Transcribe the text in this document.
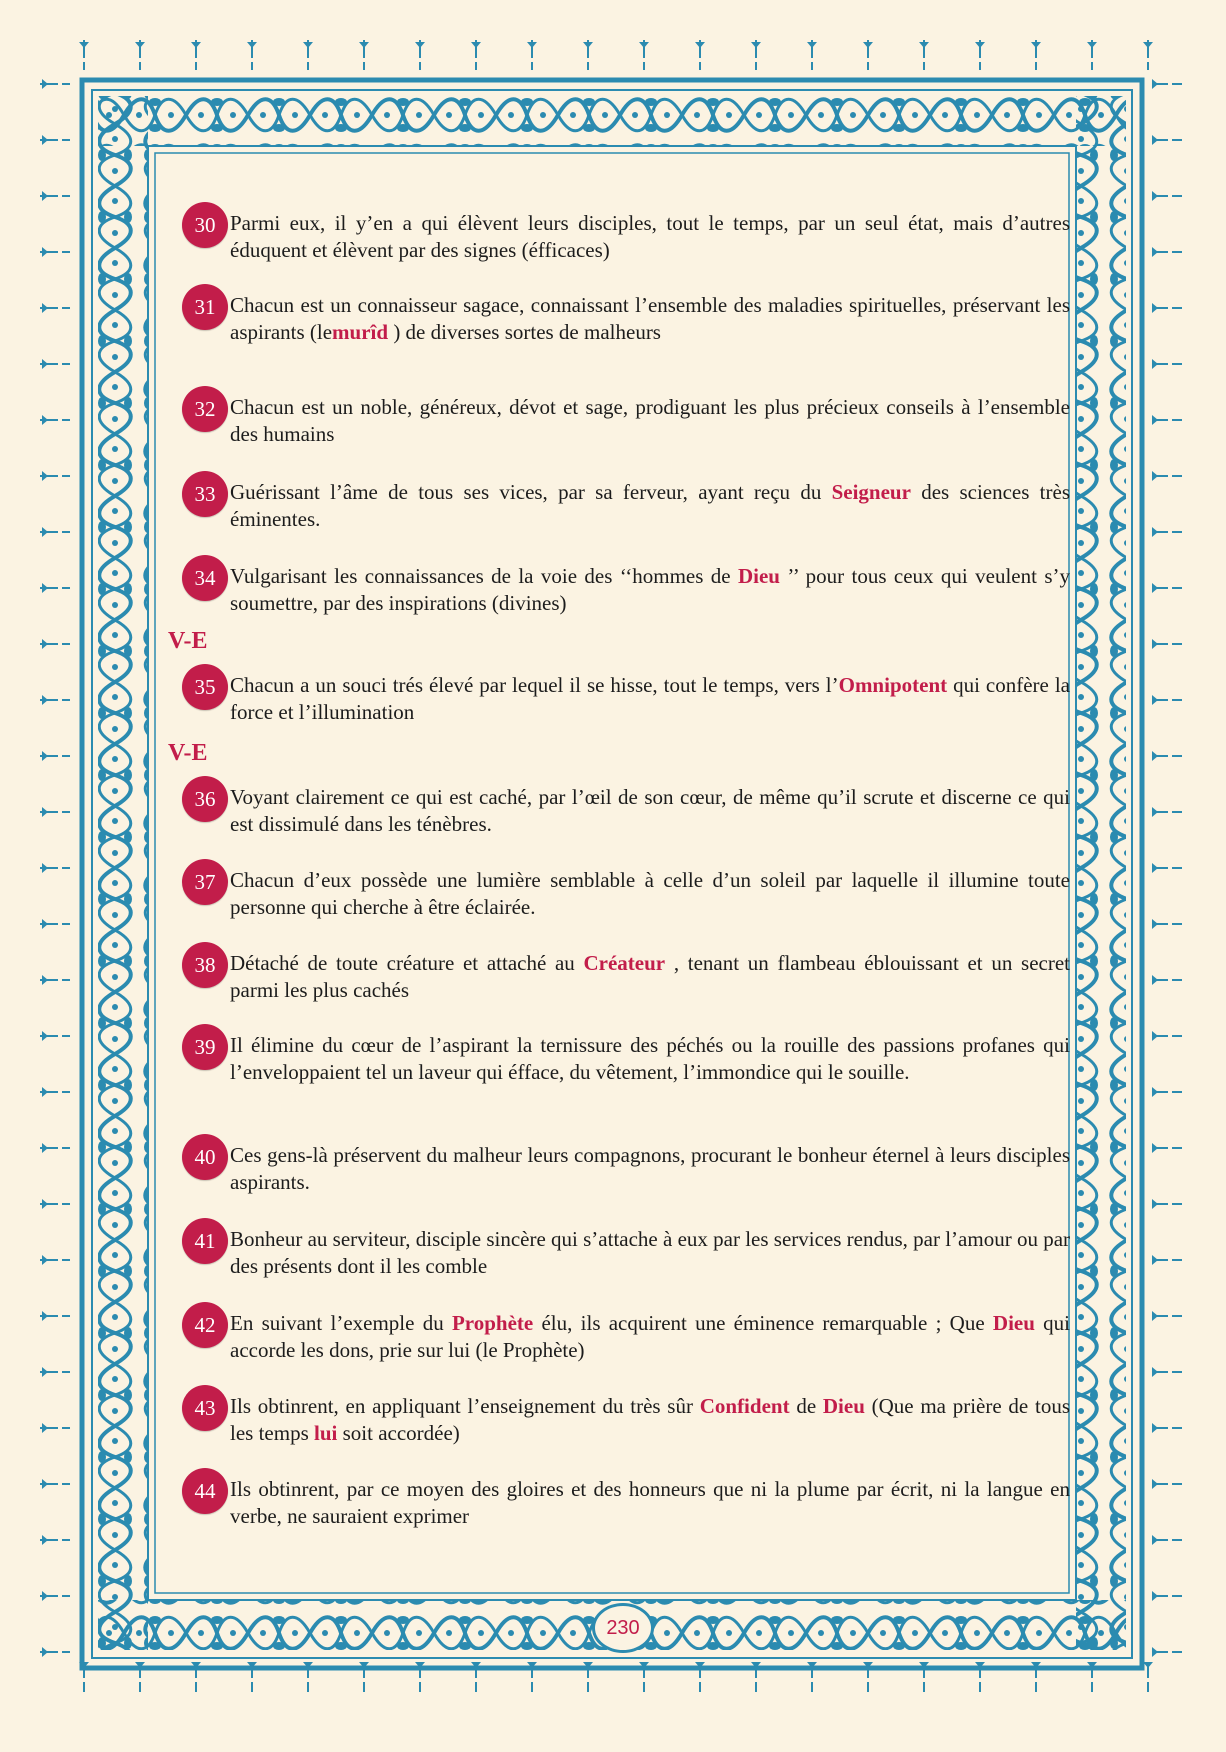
30 Parmi eux, il y’en a qui élèvent leurs disciples, tout le temps, par un seul état, mais d’autres éduquent et élèvent par des signes (éfficaces)
31 Chacun est un connaisseur sagace, connaissant l’ensemble des maladies spirituelles, préservant les aspirants (lemurîd ) de diverses sortes de malheurs
32 Chacun est un noble, généreux, dévot et sage, prodiguant les plus précieux conseils à l’ensemble des humains
33 Guérissant l’âme de tous ses vices, par sa ferveur, ayant reçu du Seigneur des sciences très éminentes.
34 Vulgarisant les connaissances de la voie des ‘‘hommes de Dieu ’’ pour tous ceux qui veulent s’y soumettre, par des inspirations (divines)
35 Chacun a un souci trés élevé par lequel il se hisse, tout le temps, vers l’Omnipotent qui confère la force et l’illumination
36 Voyant clairement ce qui est caché, par l’œil de son cœur, de même qu’il scrute et discerne ce qui est dissimulé dans les ténèbres.
37 Chacun d’eux possède une lumière semblable à celle d’un soleil par laquelle il illumine toute personne qui cherche à être éclairée.
38 Détaché de toute créature et attaché au Créateur , tenant un flambeau éblouissant et un secret parmi les plus cachés
39 Il élimine du cœur de l’aspirant la ternissure des péchés ou la rouille des passions profanes qui l’enveloppaient tel un laveur qui éfface, du vêtement, l’immondice qui le souille.
40 Ces gens-là préservent du malheur leurs compagnons, procurant le bonheur éternel à leurs disciples aspirants.
41 Bonheur au serviteur, disciple sincère qui s’attache à eux par les services rendus, par l’amour ou par des présents dont il les comble
42 En suivant l’exemple du Prophète élu, ils acquirent une éminence remarquable ; Que Dieu qui accorde les dons, prie sur lui (le Prophète)
43 Ils obtinrent, en appliquant l’enseignement du très sûr Confident de Dieu (Que ma prière de tous les temps lui soit accordée)
44 Ils obtinrent, par ce moyen des gloires et des honneurs que ni la plume par écrit, ni la langue en verbe, ne sauraient exprimer
V-E
V-E
230
